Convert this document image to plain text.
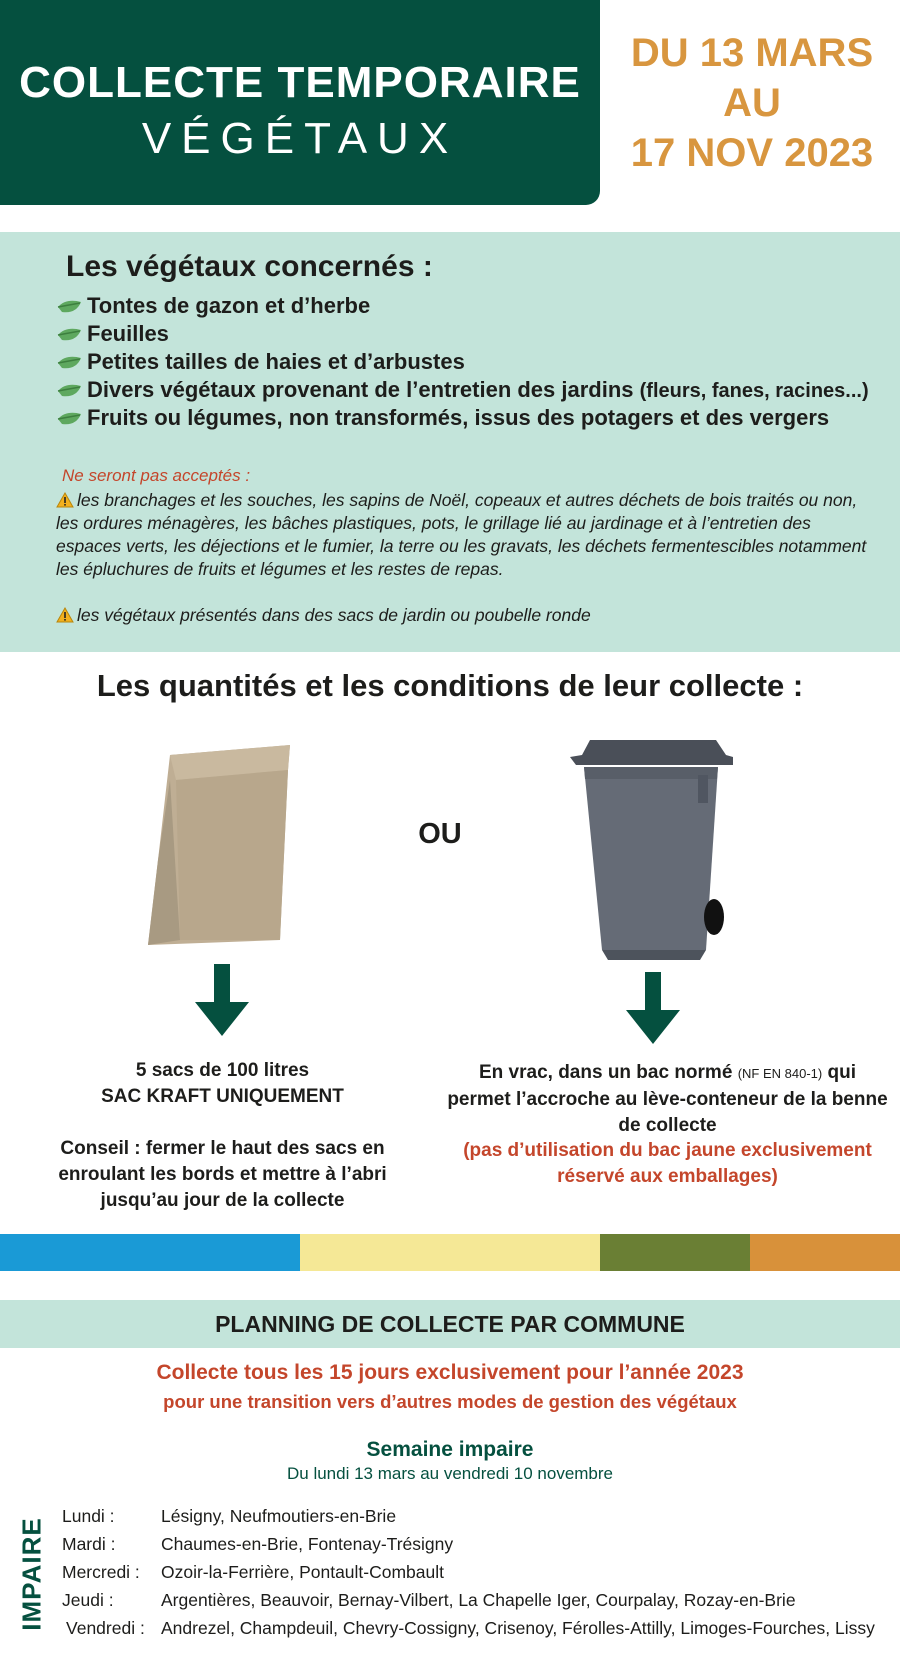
COLLECTE TEMPORAIRE
VÉGÉTAUX
DU 13 MARS
AU
17 NOV 2023
Les végétaux concernés :
Tontes de gazon et d’herbe
Feuilles
Petites tailles de haies et d’arbustes
Divers végétaux provenant de l’entretien des jardins (fleurs, fanes, racines...)
Fruits ou légumes, non transformés, issus des potagers et des vergers
Ne seront pas acceptés :
les branchages et les souches, les sapins de Noël, copeaux et autres déchets de bois traités ou non, les ordures ménagères, les bâches plastiques, pots, le grillage lié au jardinage et à l’entretien des espaces verts, les déjections et le fumier, la terre ou les gravats, les déchets fermentescibles notamment les épluchures de fruits et légumes et les restes de repas.
les végétaux présentés dans des sacs de jardin ou poubelle ronde
Les quantités et les conditions de leur collecte :
OU
5 sacs de 100 litres
SAC KRAFT UNIQUEMENT
Conseil : fermer le haut des sacs en enroulant les bords et mettre à l’abri jusqu’au jour de la collecte
En vrac, dans un bac normé (NF EN 840-1) qui permet l’accroche au lève-conteneur de la benne de collecte
(pas d’utilisation du bac jaune exclusivement réservé aux emballages)
PLANNING DE COLLECTE PAR COMMUNE
Collecte tous les 15 jours exclusivement pour l’année 2023
pour une transition vers d’autres modes de gestion des végétaux
Semaine impaire
Du lundi 13 mars au vendredi 10 novembre
IMPAIRE
Lundi :	Lésigny, Neufmoutiers-en-Brie
Mardi :	Chaumes-en-Brie, Fontenay-Trésigny
Mercredi : Ozoir-la-Ferrière, Pontault-Combault
Jeudi :	Argentières, Beauvoir, Bernay-Vilbert, La Chapelle Iger, Courpalay, Rozay-en-Brie
Vendredi : Andrezel, Champdeuil, Chevry-Cossigny, Crisenoy, Férolles-Attilly, Limoges-Fourches, Lissy
